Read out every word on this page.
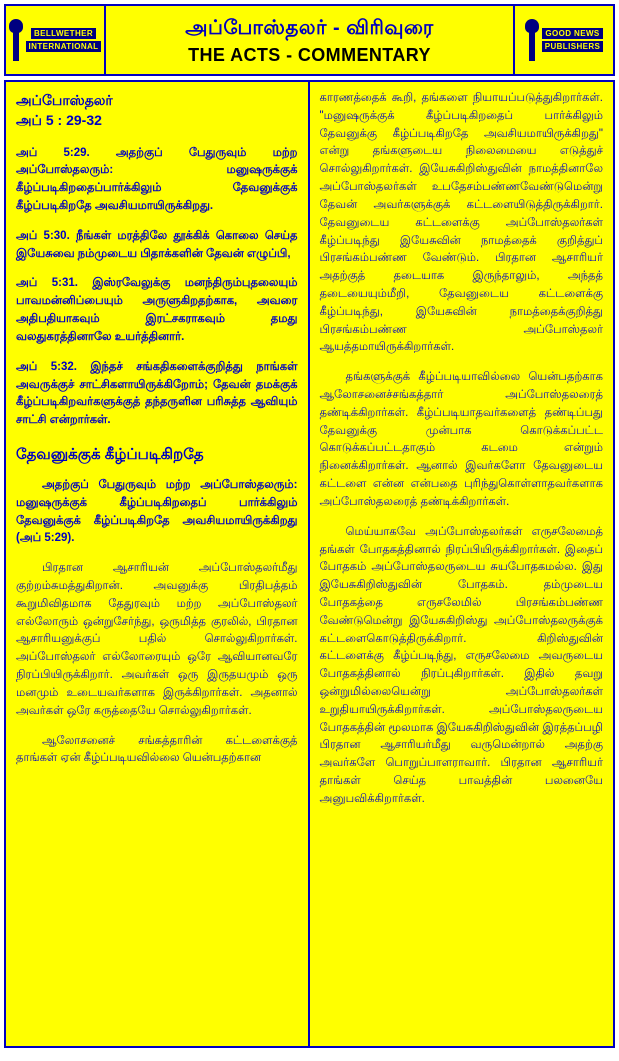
BELLWETHER
INTERNATIONAL
அப்போஸ்தலர் - விரிவுரை
THE ACTS - COMMENTARY
GOOD NEWS
PUBLISHERS
அப்போஸ்தலர்
அப் 5 : 29-32

அப் 5:29. அதற்குப் பேதுருவும் மற்ற அப்போஸ்தலரும்: மனுஷருக்குக் கீழ்ப்படிகிறதைப்பார்க்கிலும் தேவனுக்குக் கீழ்ப்படிகிறதே அவசியமாயிருக்கிறது.

அப் 5:30. நீங்கள் மரத்திலே தூக்கிக் கொலை செய்த இயேசுவை நம்முடைய பிதாக்களின் தேவன் எழுப்பி,

அப் 5:31. இஸ்ரவேலுக்கு மனந்திரும்புதலையும் பாவமன்னிப்பையும் அருளுகிறதற்காக, அவரை அதிபதியாகவும் இரட்சகராகவும் தமது வலதுகரத்தினாலே உயர்த்தினார்.

அப் 5:32. இந்தச் சங்கதிகளைக்குறித்து நாங்கள் அவருக்குச் சாட்சிகளாயிருக்கிறோம்; தேவன் தமக்குக் கீழ்ப்படிகிறவர்களுக்குத் தந்தருளின பரிசுத்த ஆவியும் சாட்சி என்றார்கள்.

தேவனுக்குக் கீழ்ப்படிகிறதே

அதற்குப் பேதுருவும் மற்ற அப்போஸ்தலரும்: மனுஷருக்குக் கீழ்ப்படிகிறதைப் பார்க்கிலும் தேவனுக்குக் கீழ்ப்படிகிறதே அவசியமாயிருக்கிறது (அப் 5:29).

பிரதான ஆசாரியன் அப்போஸ்தலர்மீது குற்றம்சுமத்துகிறான். அவனுக்கு பிரதிபத்தம் கூறுமிவிதமாக தேதுரவும் மற்ற அப்போஸ்தலர் எல்லோரும் ஒன்றுசேர்ந்து, ஒருமித்த குரலில், பிரதான ஆசாரியனுக்குப் பதில் சொல்லுகிறார்கள். அப்போஸ்தலர் எல்லோரையும் ஒரே ஆவியானவரே நிரப்பியிருக்கிறார். அவர்கள் ஒரு இருதயமும் ஒரு மனமும் உடையவர்களாக இருக்கிறார்கள். அதனால் அவர்கள் ஒரே கருத்தையே சொல்லுகிறார்கள்.

ஆலோசனைச் சங்கத்தாரின் கட்டளைக்குத் தாங்கள் ஏன் கீழ்ப்படியவில்லை யென்பதற்கான

காரணத்தைக் கூறி, தங்களை நியாயப்படுத்துகிறார்கள். "மனுஷருக்குக் கீழ்ப்படிகிறதைப் பார்க்கிலும் தேவனுக்கு கீழ்ப்படிகிறதே அவசியமாயிருக்கிறது" என்று தங்களுடைய நிலைமையை எடுத்துச் சொல்லுகிறார்கள். இயேசுகிறிஸ்துவின் நாமத்தினாலே அப்போஸ்தலர்கள் உபதேசம்பண்ணவேண்டுமென்று தேவன் அவர்களுக்குக் கட்டளையிடுத்திருக்கிறார். தேவனுடைய கட்டளைக்கு அப்போஸ்தலர்கள் கீழ்ப்படிந்து இயேசுவின் நாமத்தைக் குறித்துப் பிரசங்கம்பண்ண வேண்டும். பிரதான ஆசாரியர் அதற்குத் தடையாக இருந்தாலும், அந்தத் தடையையும்மீறி, தேவனுடைய கட்டளைக்கு கீழ்ப்படிந்து, இயேசுவின் நாமத்தைக்குறித்து பிரசங்கம்பண்ண அப்போஸ்தலர் ஆயத்தமாயிருக்கிறார்கள்.

தங்களுக்குக் கீழ்ப்படியாவில்லை யென்பதற்காக ஆலோசனைச்சங்கத்தார் அப்போஸ்தலரைத் தண்டிக்கிறார்கள். கீழ்ப்படியாதவர்களைத் தண்டிப்பது தேவனுக்கு முன்பாக கொடுக்கப்பட்ட கொடுக்கப்பட்டதாகும் கடமை என்றும் நினைக்கிறார்கள். ஆனால் இவர்களோ தேவனுடைய கட்டளை என்ன என்பதை புரிந்துகொள்ளாதவர்களாக அப்போஸ்தலரைத் தண்டிக்கிறார்கள்.

மெய்யாகவே அப்போஸ்தலர்கள் எருசலேமைத் தங்கள் போதகத்தினால் நிரப்பியிருக்கிறார்கள். இதைப் போதகம் அப்போஸ்தலருடைய சுயபோதகமல்ல. இது இயேசுகிறிஸ்துவின் போதகம். தம்முடைய போதகத்தை எருசலேமில் பிரசங்கம்பண்ண வேண்டுமென்று இயேசுகிறிஸ்து அப்போஸ்தலருக்குக் கட்டளைகொடுத்திருக்கிறார். கிறிஸ்துவின் கட்டளைக்கு கீழ்ப்படிந்து, எருசலேமை அவருடைய போதகத்தினால் நிரப்புகிறார்கள். இதில் தவறு ஒன்றுமில்லையென்று அப்போஸ்தலர்கள் உறுதியாயிருக்கிறார்கள். அப்போஸ்தலருடைய போதகத்தின் மூலமாக இயேசுகிறிஸ்துவின் இரத்தப்பழி பிரதான ஆசாரியர்மீது வருமென்றால் அதற்கு அவர்களே பொறுப்பாளராவார். பிரதான ஆசாரியர் தாங்கள் செய்த பாவத்தின் பலனையே அனுபவிக்கிறார்கள்.
